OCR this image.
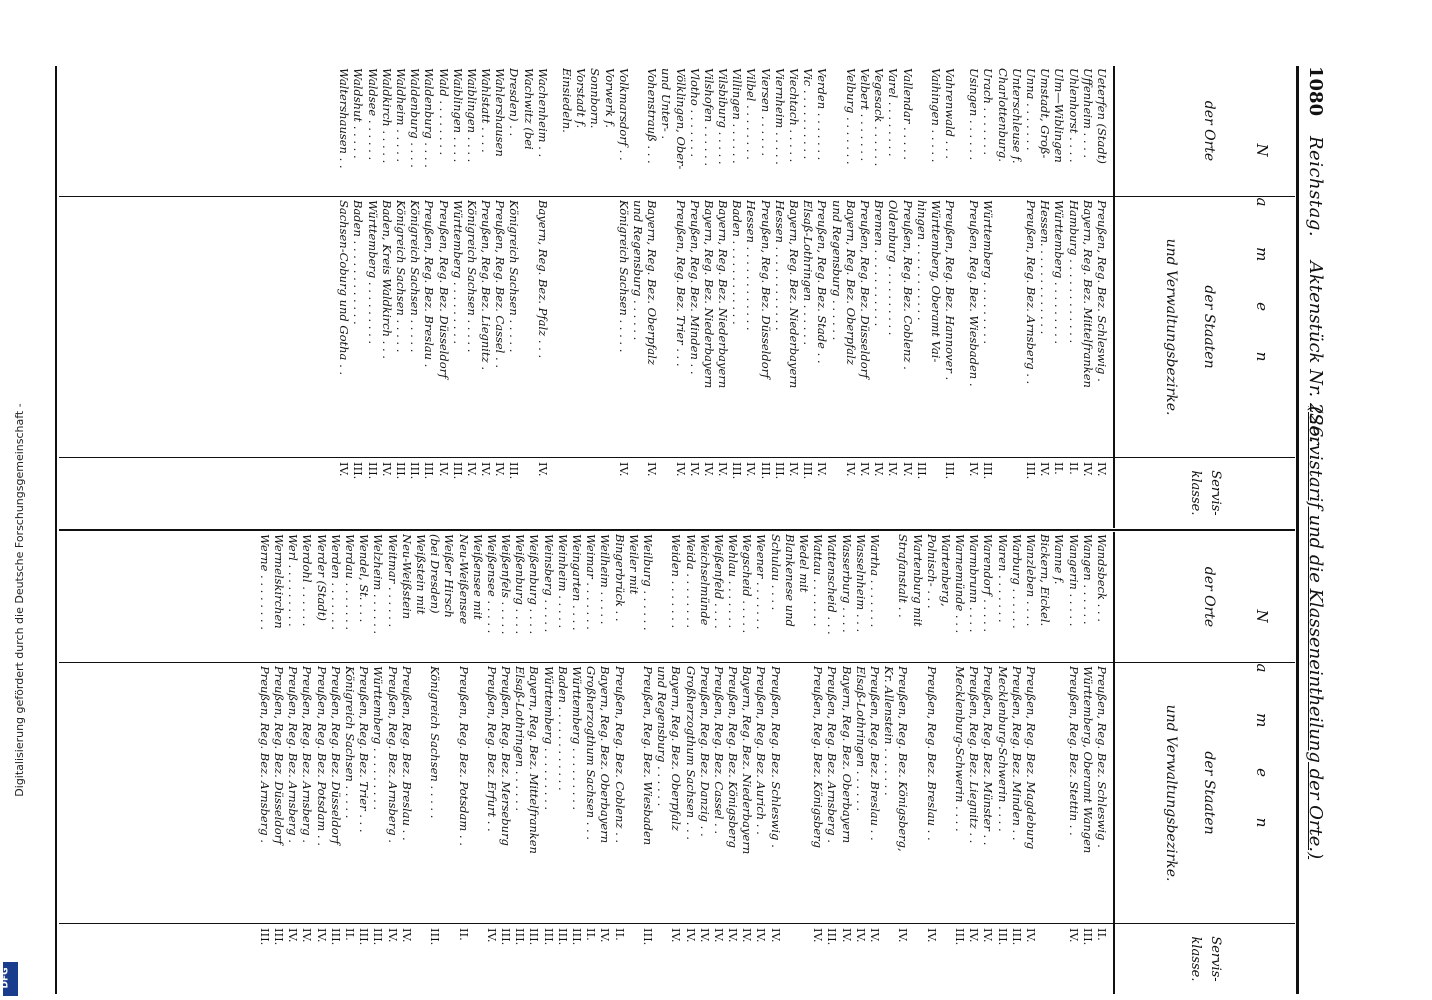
Digitalisierung gefördert durch die Deutsche Forschungsgemeinschaft -
DFG
1080
Reichstag.
Aktenstück Nr. 226.
(Servistarif und die Klasseneintheilung der Orte.)
N a m e n
der Orte
der Staaten
und Verwaltungsbezirke.
Servis-
klasse.
Ueterfen (Stadt)
Preußen, Reg. Bez. Schleswig .
IV.
Uffenheim . . . .
Bayern, Reg. Bez. Mittelfranken
IV.
Uhlenhorst . . . .
Hamburg . . . . . . . . . . . .
II.
Ulm—Wiblingen
Württemberg . . . . . . . . .
II.
Umstadt, Groß-
Hessen. . . . . . . . . . . . .
IV.
Unna . . . . . . .
Preußen, Reg. Bez. Arnsberg . .
III.
Unterschleuse f.
Charlottenburg.
Urach . . . . . . .
Württemberg . . . . . . . . .
III.
Usingen . . . . . .
Preußen, Reg. Bez. Wiesbaden .
IV.
Vahrenwald . . .
Preußen, Reg. Bez. Hannover .
III.
Vaihingen . . . . .
Württemberg, Oberamt Vai-
hingen . . . . . . . . . . .
III.
Vallendar . . . . .
Preußen, Reg. Bez. Coblenz .
IV.
Varel . . . . . . . .
Oldenburg . . . . . . . . . .
IV.
Vegesack . . . . . .
Bremen . . . . . . . . . . .
IV.
Velbert . . . . . . .
Preußen, Reg. Bez. Düsseldorf
IV.
Velburg . . . . . . .
Bayern, Reg. Bez. Oberpfalz
IV.
und Regensburg . . . . . .
Verden . . . . . . .
Preußen, Reg. Bez. Stade . .
IV.
Vic . . . . . . . . . .
Elsaß-Lothringen . . . . . .
III.
Viechtach . . . . .
Bayern, Reg. Bez. Niederbayern
IV.
Viernheim . . . . .
Hessen . . . . . . . . . . . .
III.
Viersen . . . . . .
Preußen, Reg. Bez. Düsseldorf
III.
Vilbel . . . . . . . .
Hessen . . . . . . . . . . . .
IV.
Villingen . . . . . .
Baden . . . . . . . . . . . .
III.
Vilsbiburg . . . . .
Bayern, Reg. Bez. Niederbayern
IV.
Vilshofen . . . . . .
Bayern, Reg. Bez. Niederbayern
IV.
Vlotho . . . . . . .
Preußen, Reg. Bez. Minden . .
IV.
Völklingen, Ober-
Preußen, Reg. Bez. Trier . . .
IV.
und Unter- .
Vohenstrauß . . .
Bayern, Reg. Bez. Oberpfalz
IV.
und Regensburg . . . . . .
Volkmarsdorf . .
Königreich Sachsen . . . . .
IV.
Vorwerk f.
Sonnborn.
Vorstadt f.
Einsiedeln.
Wachenheim . .
Bayern, Reg. Bez. Pfalz . . .
IV.
Wachwitz (bei
Dresden) . .
Königreich Sachsen . . . . .
III.
Wahlershausen
Preußen, Reg. Bez. Cassel . .
IV.
Wahlstatt . . . .
Preußen, Reg. Bez. Liegnitz .
IV.
Waiblingen . . . .
Königreich Sachsen . . . . .
IV.
Waiblingen . . . .
Württemberg . . . . . . . . .
III.
Wald . . . . . . . .
Preußen, Reg. Bez. Düsseldorf
IV.
Waldenburg . . . .
Preußen, Reg. Bez. Breslau .
III.
Waldenburg . . . .
Königreich Sachsen . . . . .
III.
Waldheim . . . . .
Königreich Sachsen . . . . .
III.
Waldkirch . . . . .
Baden, Kreis Waldkirch . . .
IV.
Waldsee . . . . . .
Württemberg . . . . . . . . .
III.
Waldshut . . . . .
Baden . . . . . . . . . . . .
III.
Waltershausen . .
Sachsen-Coburg und Gotha . .
IV.
N a m e n
der Orte
der Staaten
und Verwaltungsbezirke.
Servis-
klasse.
Wandsbeck . . .
Preußen, Reg. Bez. Schleswig .
II.
Wangen . . . . . .
Württemberg, Oberamt Wangen
III.
Wangerin . . . . .
Preußen, Reg. Bez. Stettin . .
IV.
Wanne f.
Bickern, Eickel.
Wanzleben . . . .
Preußen, Reg. Bez. Magdeburg
IV.
Warburg . . . . . .
Preußen, Reg. Bez. Minden . .
III.
Waren . . . . . . .
Mecklenburg-Schwerin . . . .
III.
Warendorf . . . . .
Preußen, Reg. Bez. Münster . .
IV.
Warmbrunn . . . .
Preußen, Reg. Bez. Liegnitz . .
IV.
Warnemünde . . .
Mecklenburg-Schwerin . . . .
III.
Wartenberg,
Polnisch- . . .
Preußen, Reg. Bez. Breslau . .
IV.
Wartenburg mit
Strafanstalt . .
Preußen, Reg. Bez. Königsberg,
IV.
Kr. Allenstein . . . . . . .
Wartha . . . . . . .
Preußen, Reg. Bez. Breslau . .
IV.
Wasselnheim . . .
Elsaß-Lothringen . . . . . .
IV.
Wasserburg . . . .
Bayern, Reg. Bez. Oberbayern
IV.
Wattenscheid . . .
Preußen, Reg. Bez. Arnsberg .
III.
Wattau . . . . . . .
Preußen, Reg. Bez. Königsberg
IV.
Wedel mit
Blankenese und
Schulau . . . .
Preußen, Reg. Bez. Schleswig .
IV.
Weener . . . . . . .
Preußen, Reg. Bez. Aurich . .
IV.
Wegscheid . . . . .
Bayern, Reg. Bez. Niederbayern
IV.
Wehlau . . . . . . .
Preußen, Reg. Bez. Königsberg
IV.
Weißenfeld . . . .
Preußen, Reg. Bez. Cassel . .
IV.
Weichselmünde
Preußen, Reg. Bez. Danzig . .
IV.
Weida . . . . . . . .
Großherzogthum Sachsen . . .
IV.
Weiden . . . . . . .
Bayern, Reg. Bez. Oberpfalz
IV.
und Regensburg . . . . . .
Weilburg . . . . . .
Preußen, Reg. Bez. Wiesbaden
III.
Weiler mit
Bingerbrück . .
Preußen, Reg. Bez. Coblenz . .
II.
Weilheim . . . . .
Bayern, Reg. Bez. Oberbayern
IV.
Weimar . . . . . . .
Großherzogthum Sachsen . . .
II.
Weingarten . . . .
Württemberg . . . . . . . . .
III.
Weinheim . . . . .
Baden . . . . . . . . . . . .
III.
Weinsberg . . . . .
Württemberg . . . . . . . . .
III.
Weißenburg . . . .
Bayern, Reg. Bez. Mittelfranken
III.
Weißenburg . . . .
Elsaß-Lothringen . . . . . .
III.
Weißenfels . . . . .
Preußen, Reg. Bez. Merseburg
III.
Weißensee . . . . .
Preußen, Reg. Bez. Erfurt . .
IV.
Weißensee mit
Neu-Weißensee
Preußen, Reg. Bez. Potsdam . .
II.
Weißer Hirsch
(bei Dresden)
Königreich Sachsen . . . . .
III.
Weißstein mit
Neu-Weißstein
Preußen, Reg. Bez. Breslau . .
IV.
Weitmar . . . . . .
Preußen, Reg. Bez. Arnsberg .
IV.
Welzheim . . . . . .
Württemberg . . . . . . . . .
III.
Wendel, St. . . .
Preußen, Reg. Bez. Trier . . .
III.
Werdau . . . . . . .
Königreich Sachsen . . . . .
II.
Werden . . . . . . .
Preußen, Reg. Bez. Düsseldorf
III.
Werder (Stadt)
Preußen, Reg. Bez. Potsdam . .
IV.
Werdohl . . . . . .
Preußen, Reg. Bez. Arnsberg .
IV.
Werl . . . . . . . . .
Preußen, Reg. Bez. Arnsberg .
IV.
Wermelskirchen
Preußen, Reg. Bez. Düsseldorf
III.
Werne . . . . . . . .
Preußen, Reg. Bez. Arnsberg .
III.
